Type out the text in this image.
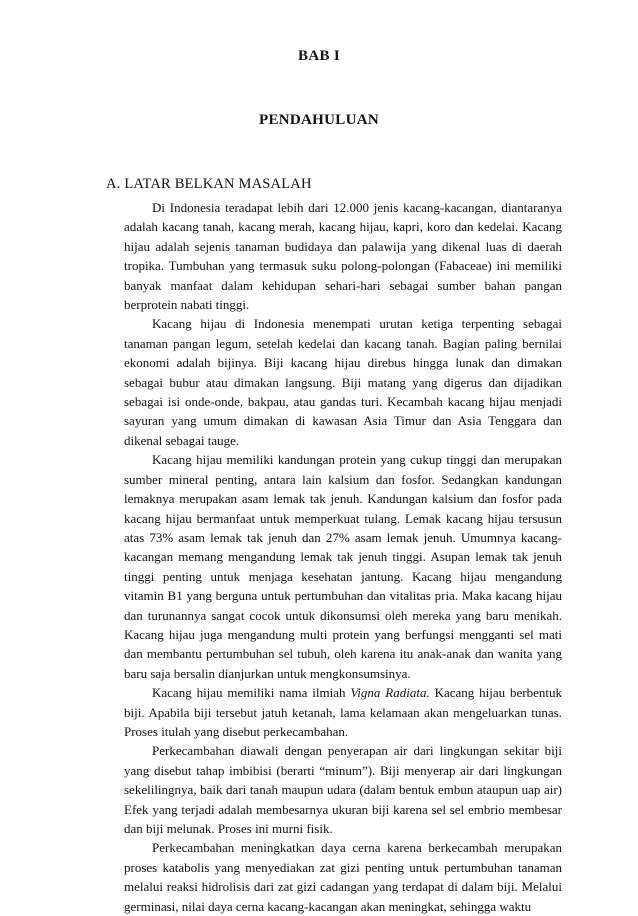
BAB I
PENDAHULUAN
A. LATAR BELKAN MASALAH

Di Indonesia teradapat lebih dari 12.000 jenis kacang-kacangan, diantaranya adalah kacang tanah, kacang merah, kacang hijau, kapri, koro dan kedelai. Kacang hijau adalah sejenis tanaman budidaya dan palawija yang dikenal luas di daerah tropika. Tumbuhan yang termasuk suku polong-polongan (Fabaceae) ini memiliki banyak manfaat dalam kehidupan sehari-hari sebagai sumber bahan pangan berprotein nabati tinggi.

Kacang hijau di Indonesia menempati urutan ketiga terpenting sebagai tanaman pangan legum, setelah kedelai dan kacang tanah. Bagian paling bernilai ekonomi adalah bijinya. Biji kacang hijau direbus hingga lunak dan dimakan sebagai bubur atau dimakan langsung. Biji matang yang digerus dan dijadikan sebagai isi onde-onde, bakpau, atau gandas turi. Kecambah kacang hijau menjadi sayuran yang umum dimakan di kawasan Asia Timur dan Asia Tenggara dan dikenal sebagai tauge.

Kacang hijau memiliki kandungan protein yang cukup tinggi dan merupakan sumber mineral penting, antara lain kalsium dan fosfor. Sedangkan kandungan lemaknya merupakan asam lemak tak jenuh. Kandungan kalsium dan fosfor pada kacang hijau bermanfaat untuk memperkuat tulang. Lemak kacang hijau tersusun atas 73% asam lemak tak jenuh dan 27% asam lemak jenuh. Umumnya kacang-kacangan memang mengandung lemak tak jenuh tinggi. Asupan lemak tak jenuh tinggi penting untuk menjaga kesehatan jantung. Kacang hijau mengandung vitamin B1 yang berguna untuk pertumbuhan dan vitalitas pria. Maka kacang hijau dan turunannya sangat cocok untuk dikonsumsi oleh mereka yang baru menikah. Kacang hijau juga mengandung multi protein yang berfungsi mengganti sel mati dan membantu pertumbuhan sel tubuh, oleh karena itu anak-anak dan wanita yang baru saja bersalin dianjurkan untuk mengkonsumsinya.

Kacang hijau memiliki nama ilmiah Vigna Radiata. Kacang hijau berbentuk biji. Apabila biji tersebut jatuh ketanah, lama kelamaan akan mengeluarkan tunas. Proses itulah yang disebut perkecambahan.

Perkecambahan diawali dengan penyerapan air dari lingkungan sekitar biji yang disebut tahap imbibisi (berarti “minum”). Biji menyerap air dari lingkungan sekelilingnya, baik dari tanah maupun udara (dalam bentuk embun ataupun uap air) Efek yang terjadi adalah membesarnya ukuran biji karena sel sel embrio membesar dan biji melunak. Proses ini murni fisik.

Perkecambahan meningkatkan daya cerna karena berkecambah merupakan proses katabolis yang menyediakan zat gizi penting untuk pertumbuhan tanaman melalui reaksi hidrolisis dari zat gizi cadangan yang terdapat di dalam biji. Melalui germinasi, nilai daya cerna kacang-kacangan akan meningkat, sehingga waktu
